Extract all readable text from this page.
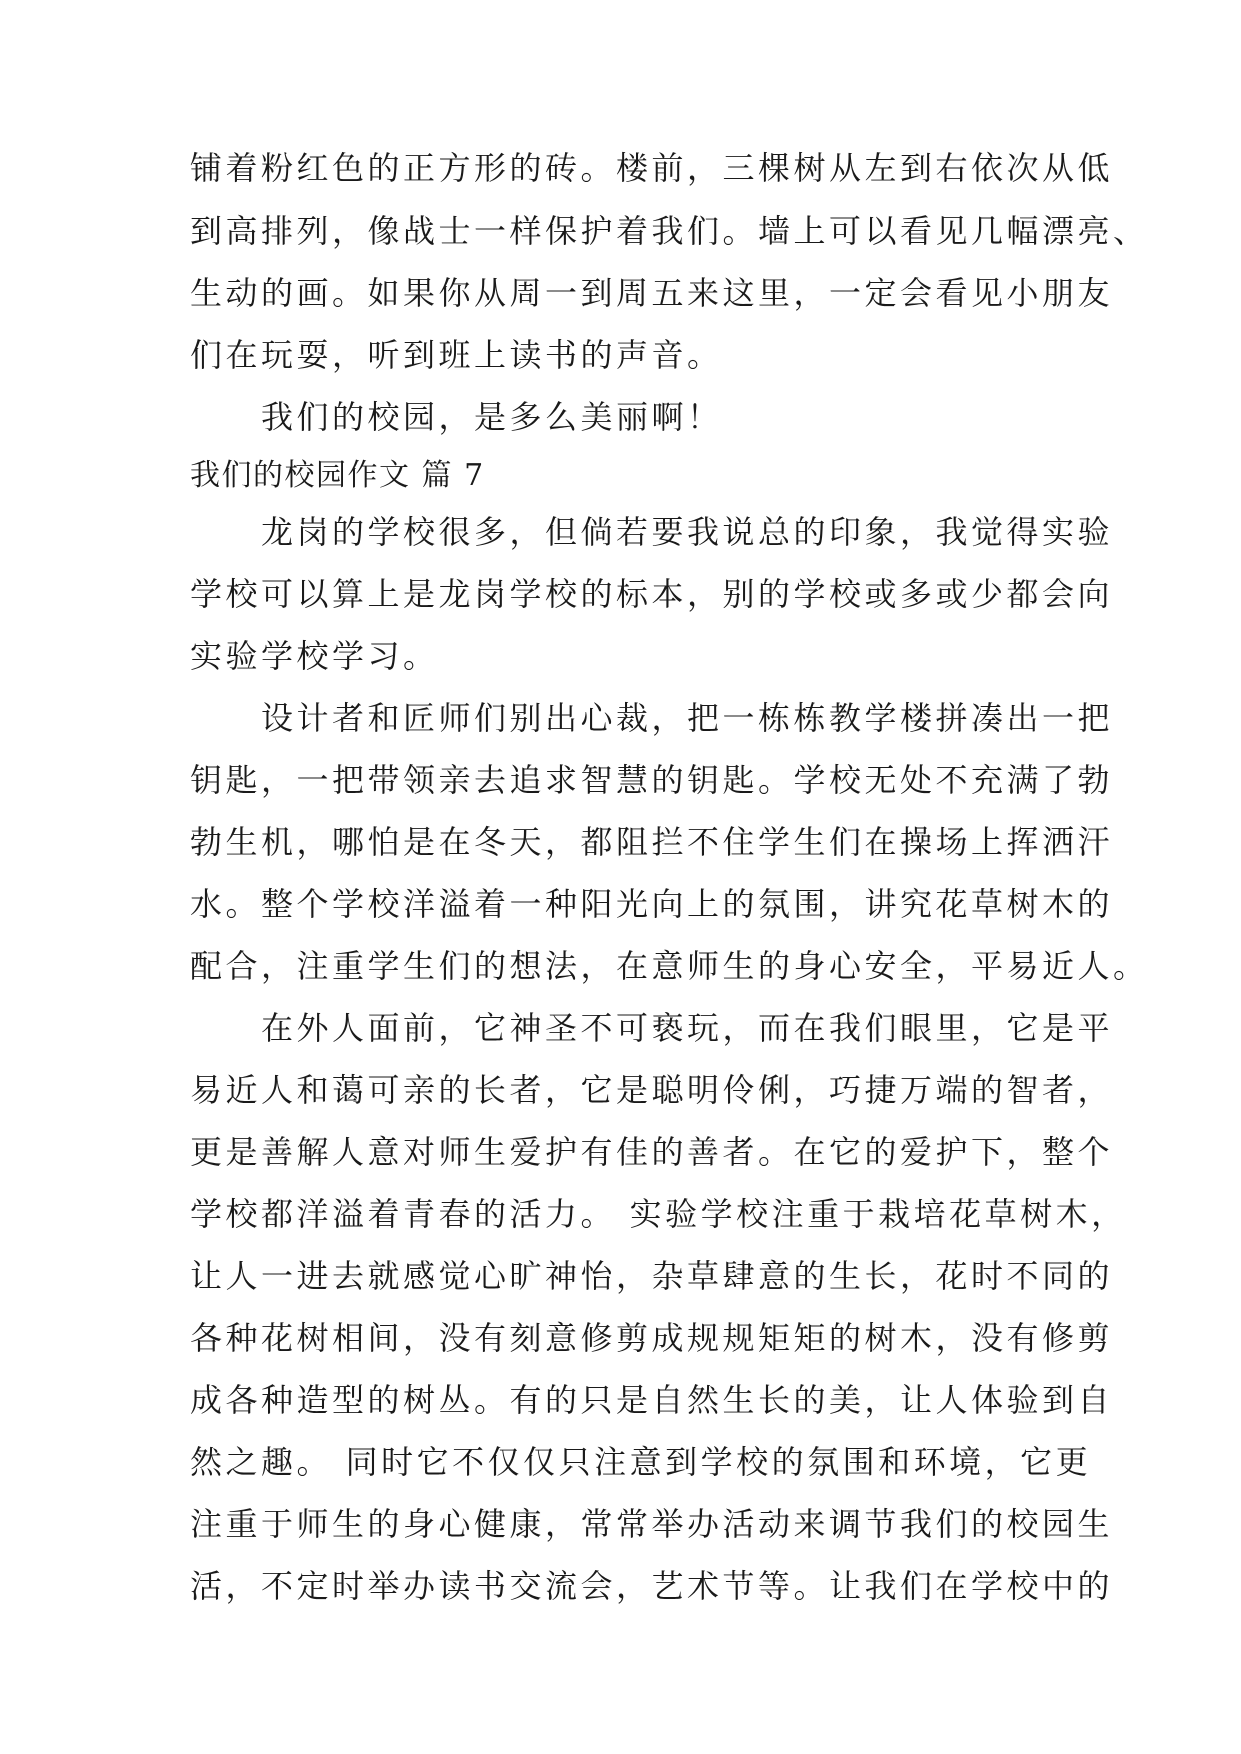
铺着粉红色的正方形的砖。楼前，三棵树从左到右依次从低
到高排列，像战士一样保护着我们。墙上可以看见几幅漂亮、
生动的画。如果你从周一到周五来这里，一定会看见小朋友
们在玩耍，听到班上读书的声音。
　　我们的校园，是多么美丽啊！
我们的校园作文 篇 7
　　龙岗的学校很多，但倘若要我说总的印象，我觉得实验
学校可以算上是龙岗学校的标本，别的学校或多或少都会向
实验学校学习。
　　设计者和匠师们别出心裁，把一栋栋教学楼拼凑出一把
钥匙，一把带领亲去追求智慧的钥匙。学校无处不充满了勃
勃生机，哪怕是在冬天，都阻拦不住学生们在操场上挥洒汗
水。整个学校洋溢着一种阳光向上的氛围，讲究花草树木的
配合，注重学生们的想法，在意师生的身心安全，平易近人。
　　在外人面前，它神圣不可亵玩，而在我们眼里，它是平
易近人和蔼可亲的长者，它是聪明伶俐，巧捷万端的智者，
更是善解人意对师生爱护有佳的善者。在它的爱护下，整个
学校都洋溢着青春的活力。 实验学校注重于栽培花草树木，
让人一进去就感觉心旷神怡，杂草肆意的生长，花时不同的
各种花树相间，没有刻意修剪成规规矩矩的树木，没有修剪
成各种造型的树丛。有的只是自然生长的美，让人体验到自
然之趣。 同时它不仅仅只注意到学校的氛围和环境，它更
注重于师生的身心健康，常常举办活动来调节我们的校园生
活，不定时举办读书交流会，艺术节等。让我们在学校中的
